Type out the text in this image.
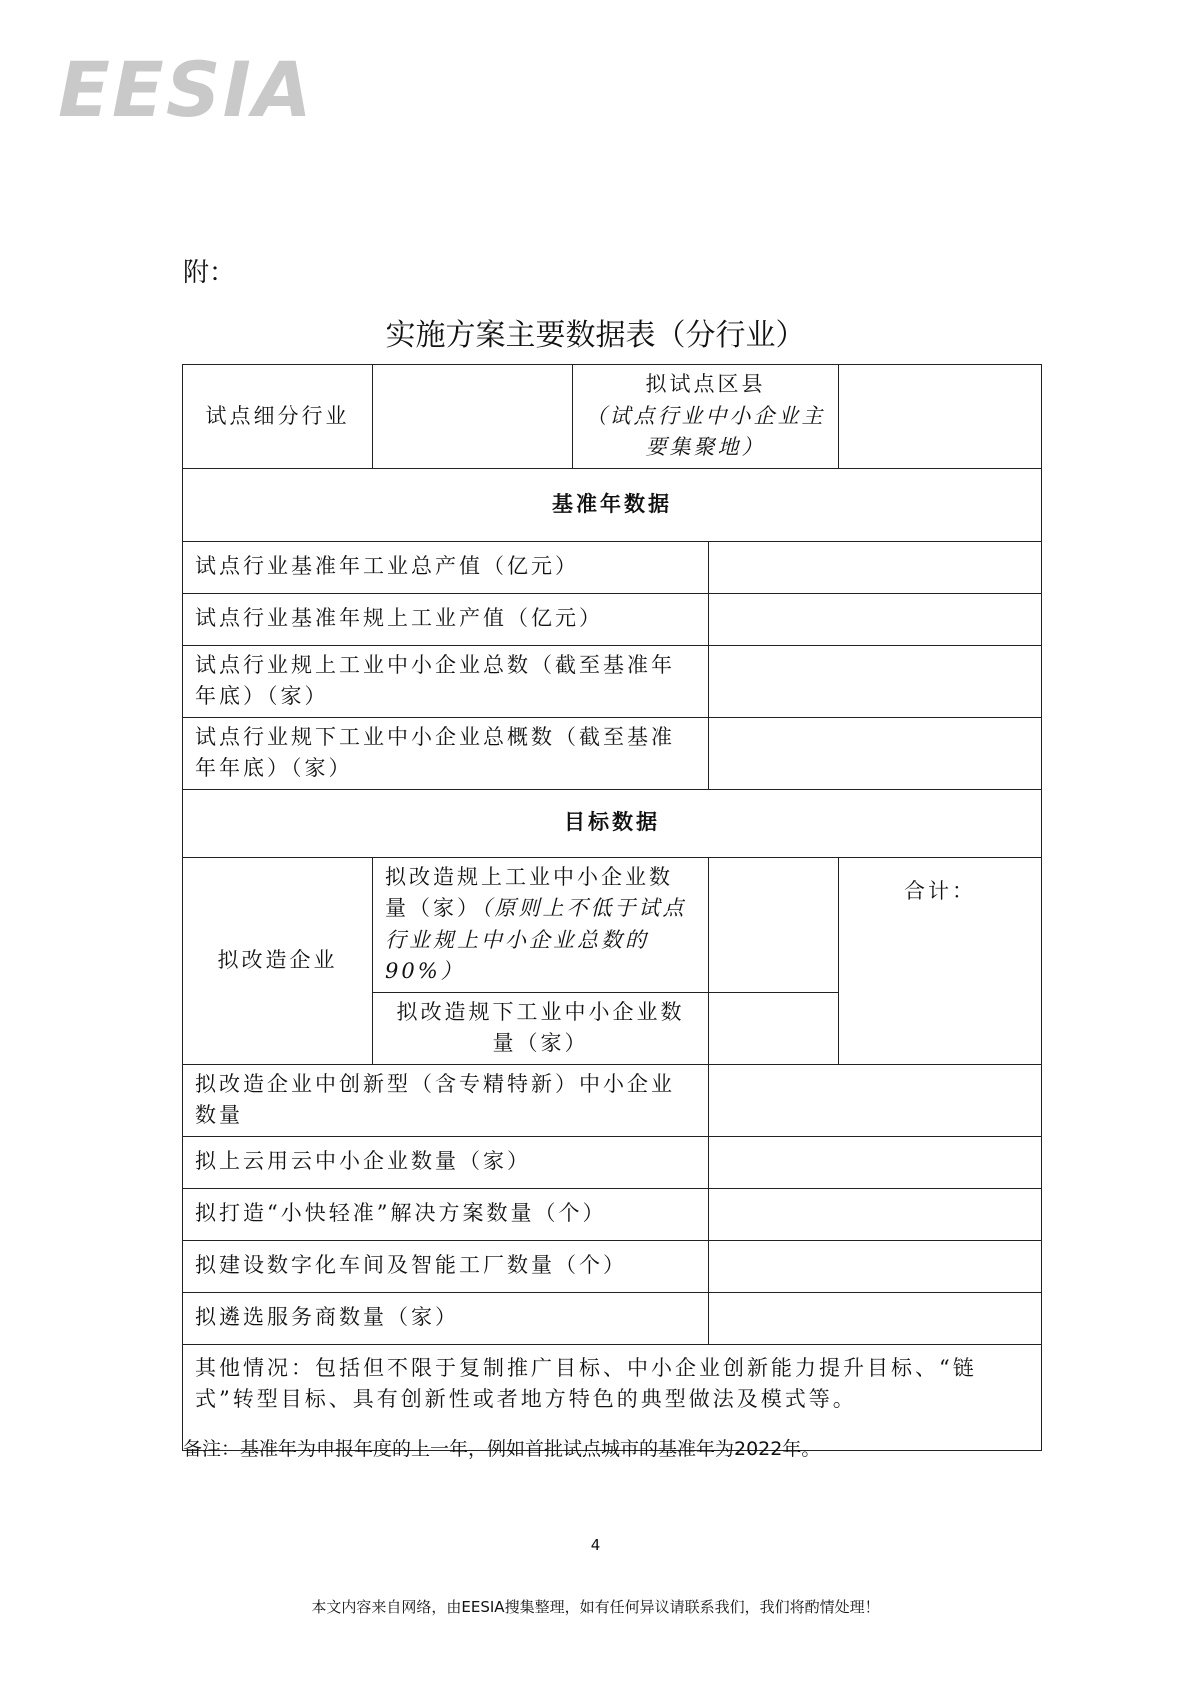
EESIA
附：
实施方案主要数据表（分行业）
试点细分行业		拟试点区县
（试点行业中小企业主要集聚地）		

基准年数据				
试点行业基准年工业总产值（亿元）				
试点行业基准年规上工业产值（亿元）				
试点行业规上工业中小企业总数（截至基准年年底）（家）				
试点行业规下工业中小企业总概数（截至基准年年底）（家）				
目标数据				
拟改造企业	拟改造规上工业中小企业数量（家）（原则上不低于试点行业规上中小企业总数的90%）			合计：
	拟改造规下工业中小企业数量（家）			
拟改造企业中创新型（含专精特新）中小企业数量				
拟上云用云中小企业数量（家）				
拟打造“小快轻准”解决方案数量（个）				
拟建设数字化车间及智能工厂数量（个）				
拟遴选服务商数量（家）				
其他情况：包括但不限于复制推广目标、中小企业创新能力提升目标、“链式”转型目标、具有创新性或者地方特色的典型做法及模式等。				
备注：基准年为申报年度的上一年，例如首批试点城市的基准年为2022年。
4
本文内容来自网络，由EESIA搜集整理，如有任何异议请联系我们，我们将酌情处理！
